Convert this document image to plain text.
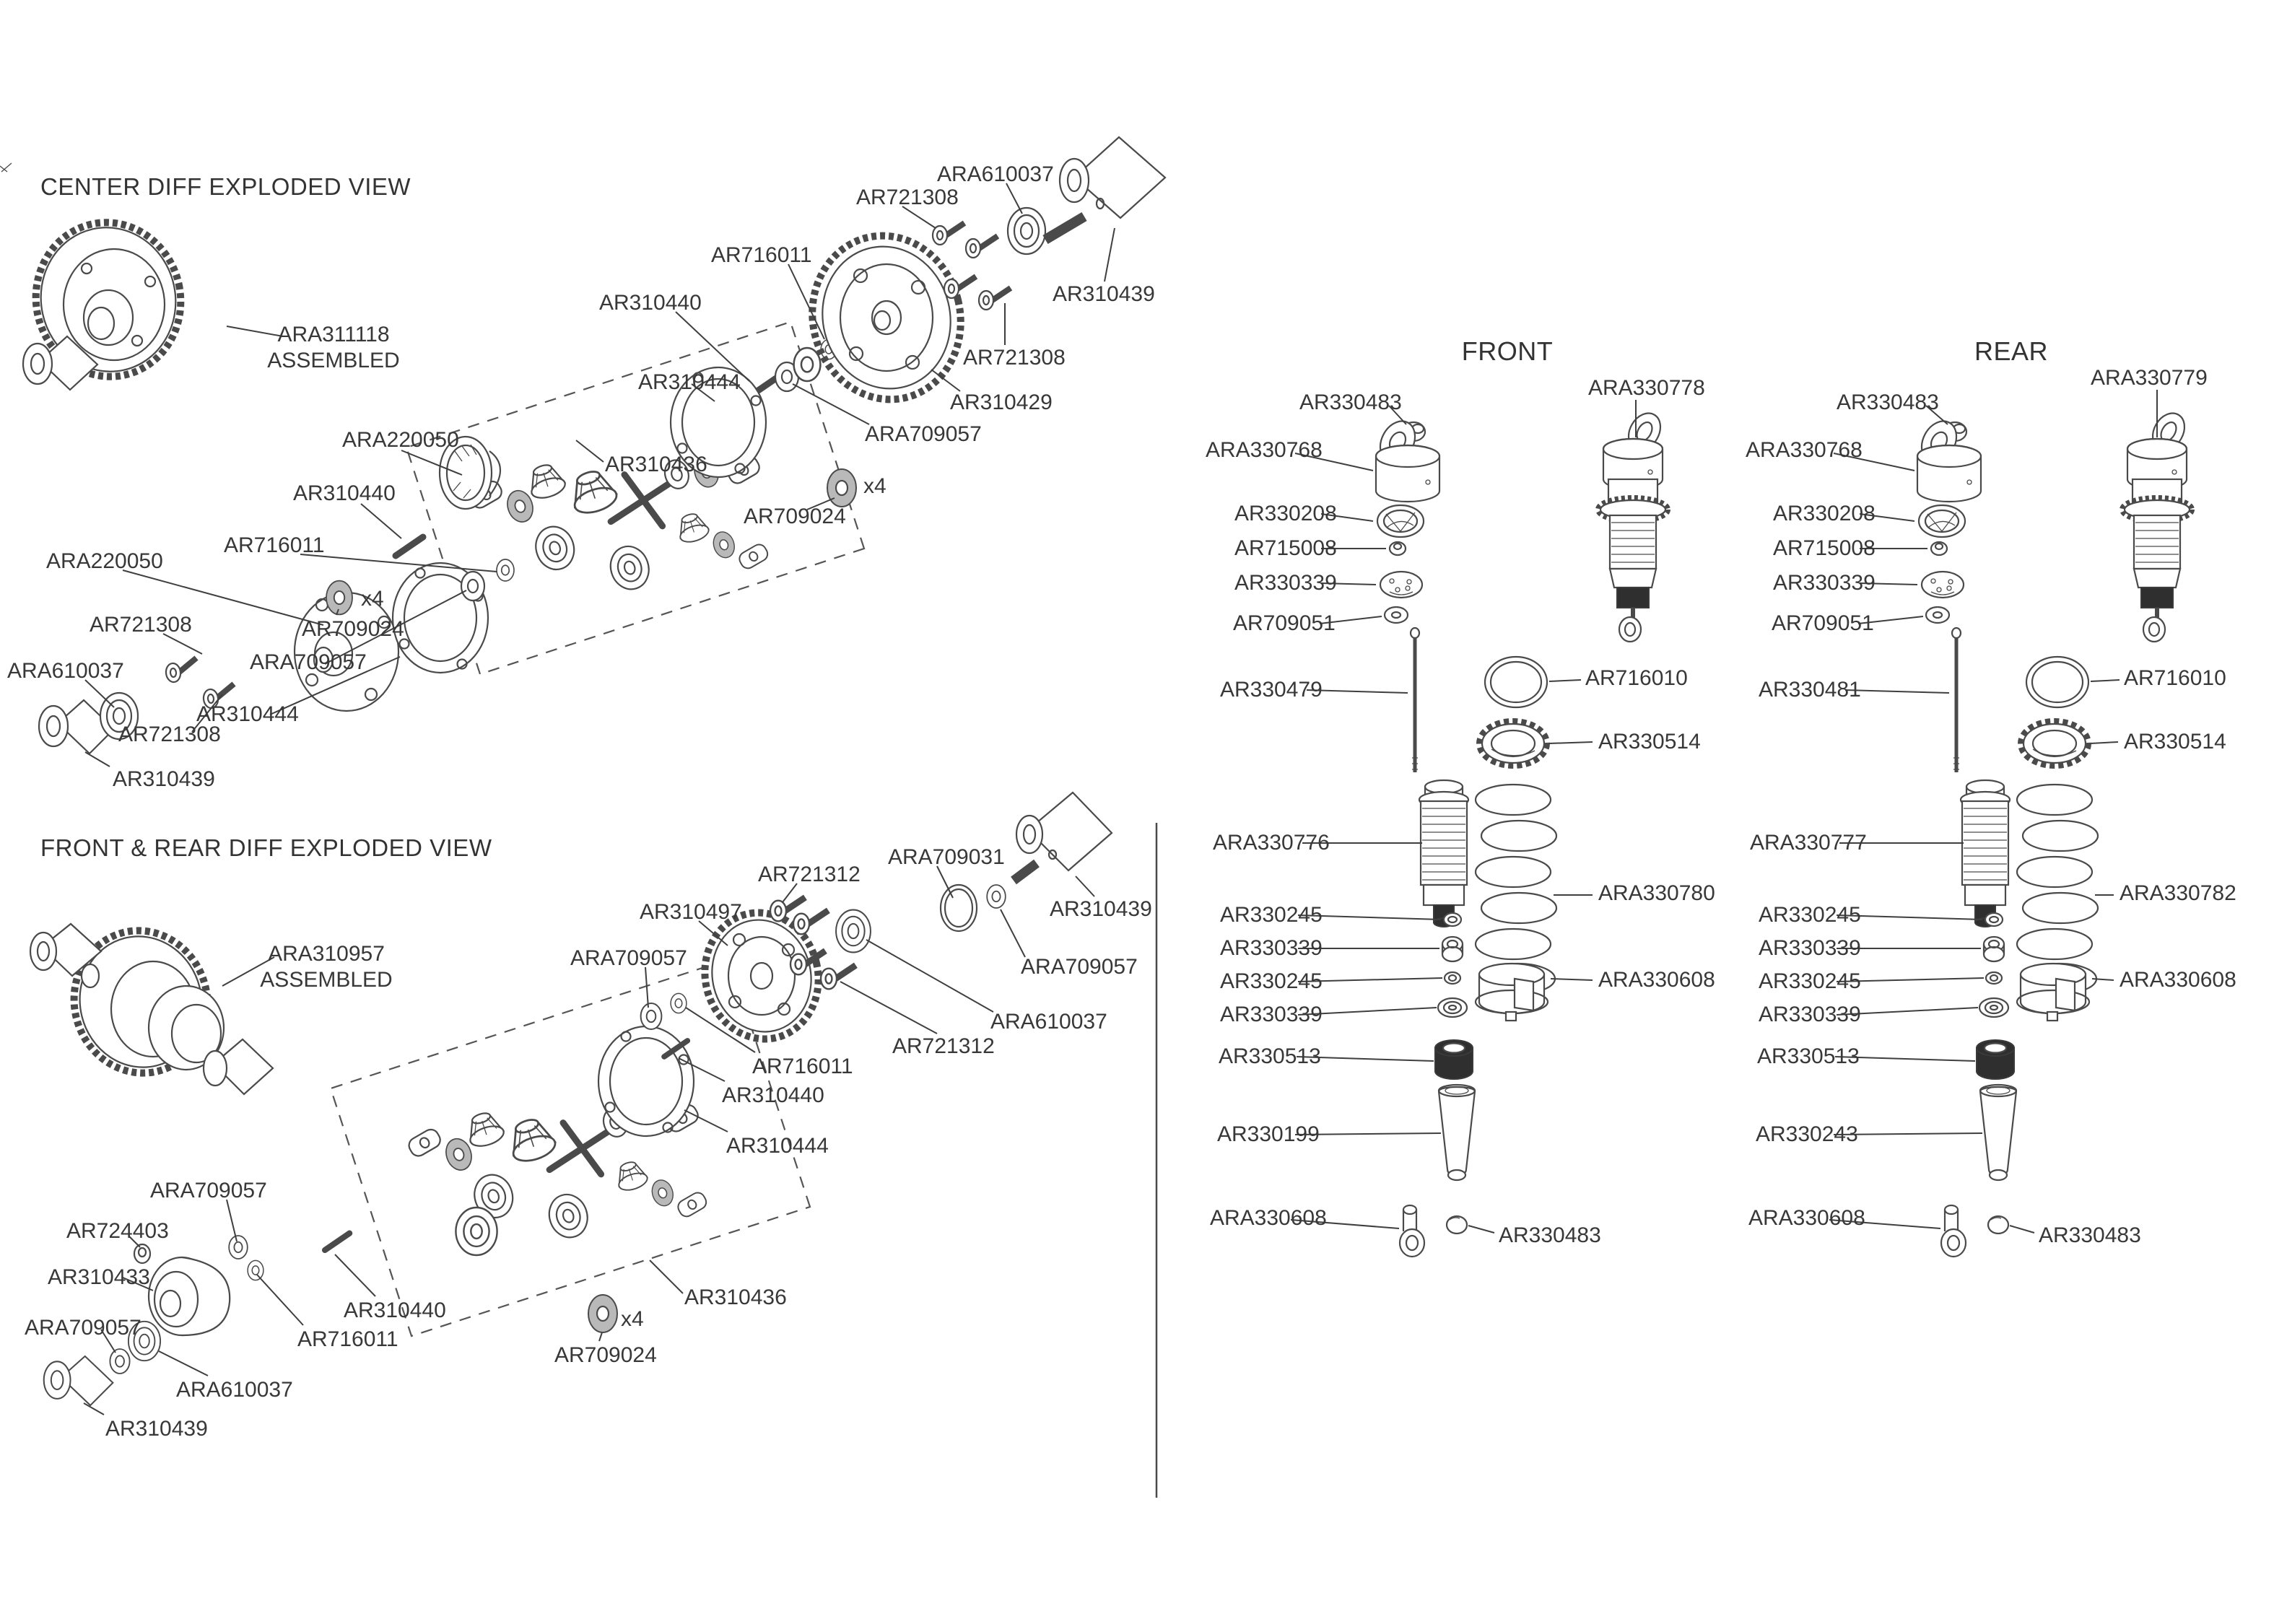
CENTER DIFF EXPLODED VIEW
FRONT & REAR DIFF EXPLODED VIEW
FRONT	REAR
ARA311118
ASSEMBLED
ARA220050
AR310440
AR716011
ARA220050
AR721308
ARA610037
AR721308
AR310444
ARA709057
AR310439
AR709024
x4
AR716011
AR310440
ARA610037
AR721308
AR310439
AR721308
AR310429
ARA709057
AR310444
AR310436
AR709024
x4
ARA310957
ASSEMBLED
AR724403
AR310433
ARA709057
ARA610037
AR310439
ARA709057
AR310440
AR716011
AR310436
AR709024
x4
AR310497
AR721312
ARA709031
AR310439
ARA709057
ARA610037
AR721312
AR716011
AR310440
AR310444
ARA709057
AR330483
ARA330768
AR330208
AR715008
AR330339
AR709051
AR330479
ARA330776
AR330245
AR330339
AR330245
AR330339
AR330513
AR330199
ARA330608
AR330483
ARA330778
AR716010
AR330514
ARA330780
ARA330608
AR330483
ARA330768
AR330208
AR715008
AR330339
AR709051
AR330481
ARA330777
AR330245
AR330339
AR330245
AR330339
AR330513
AR330243
ARA330608
AR330483
ARA330779
AR716010
AR330514
ARA330782
ARA330608
